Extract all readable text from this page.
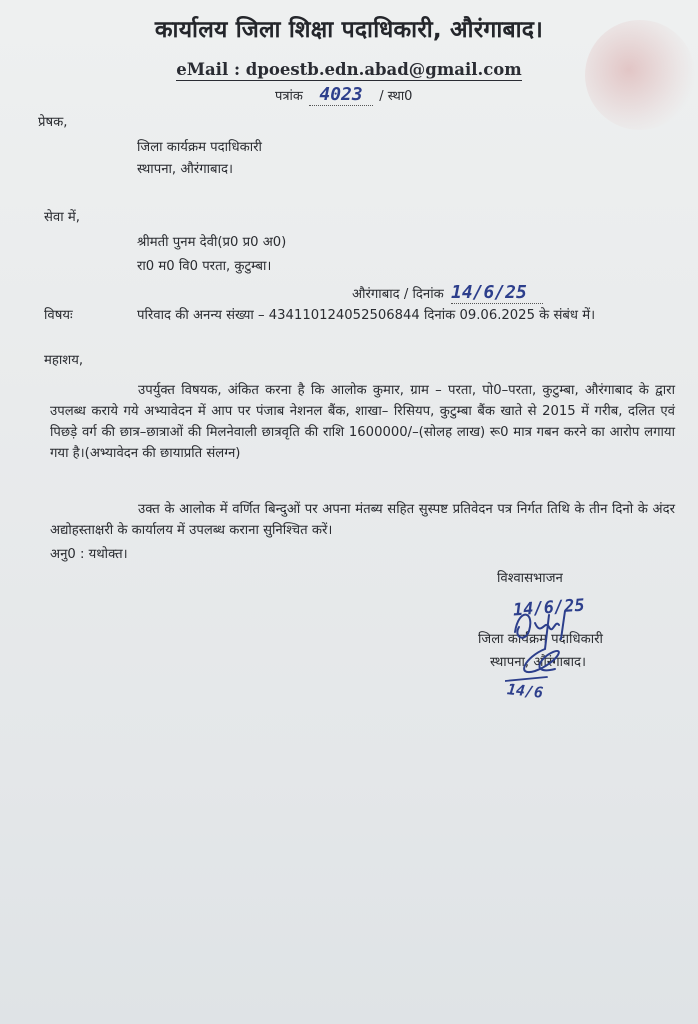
कार्यालय जिला शिक्षा पदाधिकारी, औरंगाबाद।
eMail : dpoestb.edn.abad@gmail.com
पत्रांक 4023 / स्था0
प्रेषक,
जिला कार्यक्रम पदाधिकारी
स्थापना, औरंगाबाद।
सेवा में,
श्रीमती पुनम देवी(प्र0 प्र0 अ0)
रा0 म0 वि0 परता, कुटुम्बा।
औरंगाबाद / दिनांक 14/6/25
विषयः	परिवाद की अनन्य संख्या – 434110124052506844 दिनांक 09.06.2025 के संबंध में।
महाशय,
उपर्युक्त विषयक, अंकित करना है कि आलोक कुमार, ग्राम – परता, पो0–परता, कुटुम्बा, औरंगाबाद के द्वारा उपलब्ध कराये गये अभ्यावेदन में आप पर पंजाब नेशनल बैंक, शाखा– रिसियप, कुटुम्बा बैंक खाते से 2015 में गरीब, दलित एवं पिछड़े वर्ग की छात्र–छात्राओं की मिलनेवाली छात्रवृति की राशि 1600000/–(सोलह लाख) रू0 मात्र गबन करने का आरोप लगाया गया है।(अभ्यावेदन की छायाप्रति संलग्न)
उक्त के आलोक में वर्णित बिन्दुओं पर अपना मंतब्य सहित सुस्पष्ट प्रतिवेदन पत्र निर्गत तिथि के तीन दिनो के अंदर अद्योहस्ताक्षरी के कार्यालय में उपलब्ध कराना सुनिश्चित करें।
अनु0 : यथोक्त।
विश्वासभाजन
14/6/25
जिला कार्यक्रम पदाधिकारी
स्थापना, औरंगाबाद।
14/6
